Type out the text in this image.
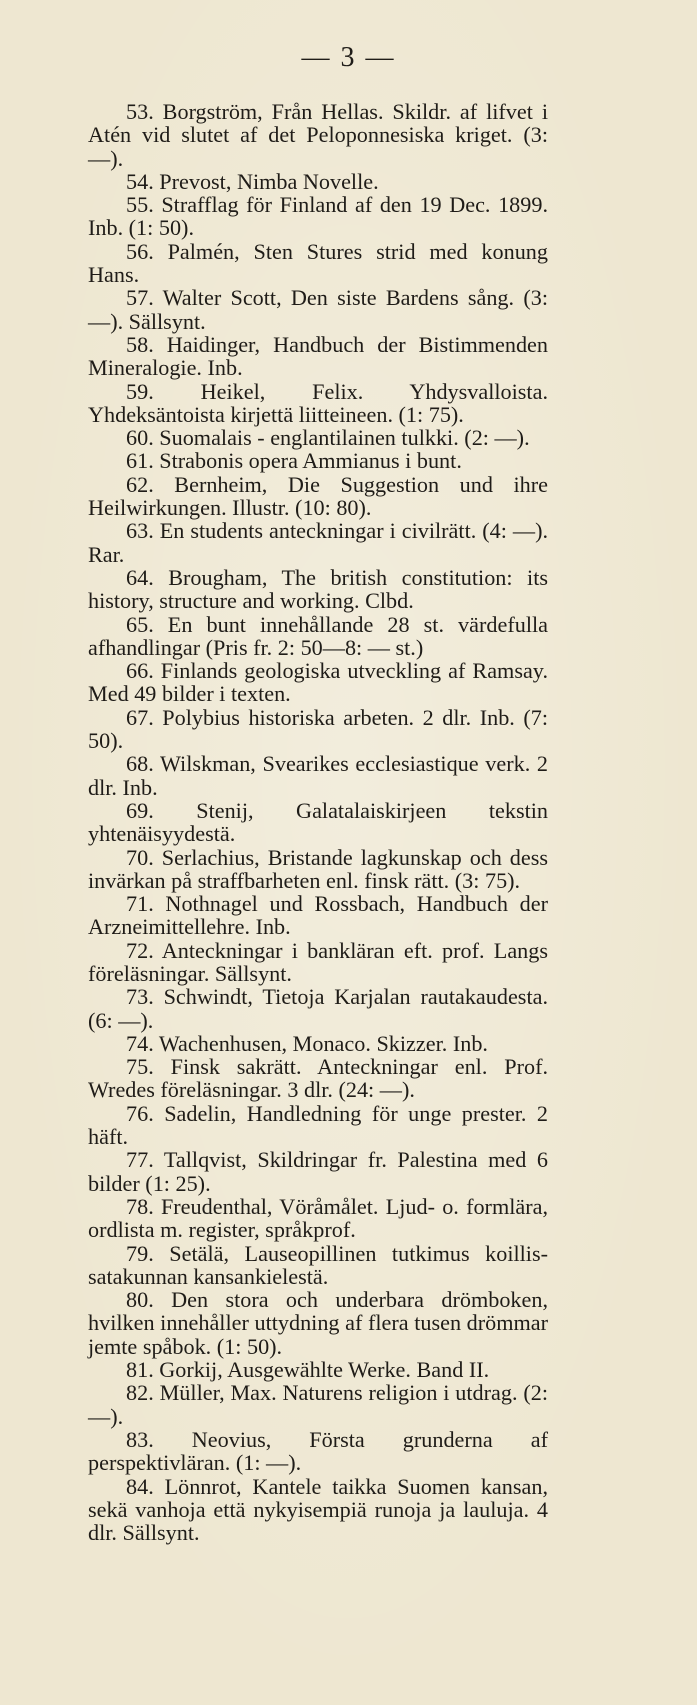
— 3 —

53. Borgström, Från Hellas. Skildr. af lifvet i Atén vid slutet af det Peloponnesiska kriget. (3: —).

54. Prevost, Nimba Novelle.

55. Strafflag för Finland af den 19 Dec. 1899. Inb. (1: 50).

56. Palmén, Sten Stures strid med konung Hans.

57. Walter Scott, Den siste Bardens sång. (3: —). Sällsynt.

58. Haidinger, Handbuch der Bistimmenden Mineralogie. Inb.

59. Heikel, Felix. Yhdysvalloista. Yhdeksäntoista kirjettä liitteineen. (1: 75).

60. Suomalais - englantilainen tulkki. (2: —).

61. Strabonis opera Ammianus i bunt.

62. Bernheim, Die Suggestion und ihre Heilwirkungen. Illustr. (10: 80).

63. En students anteckningar i civilrätt. (4: —). Rar.

64. Brougham, The british constitution: its history, structure and working. Clbd.

65. En bunt innehållande 28 st. värdefulla afhandlingar (Pris fr. 2: 50—8: — st.)

66. Finlands geologiska utveckling af Ramsay. Med 49 bilder i texten.

67. Polybius historiska arbeten. 2 dlr. Inb. (7: 50).

68. Wilskman, Svearikes ecclesiastique verk. 2 dlr. Inb.

69. Stenij, Galatalaiskirjeen tekstin yhtenäisyydestä.

70. Serlachius, Bristande lagkunskap och dess invärkan på straffbarheten enl. finsk rätt. (3: 75).

71. Nothnagel und Rossbach, Handbuch der Arzneimittellehre. Inb.

72. Anteckningar i bankläran eft. prof. Langs föreläsningar. Sällsynt.

73. Schwindt, Tietoja Karjalan rautakaudesta. (6: —).

74. Wachenhusen, Monaco. Skizzer. Inb.

75. Finsk sakrätt. Anteckningar enl. Prof. Wredes föreläsningar. 3 dlr. (24: —).

76. Sadelin, Handledning för unge prester. 2 häft.

77. Tallqvist, Skildringar fr. Palestina med 6 bilder (1: 25).

78. Freudenthal, Vöråmålet. Ljud- o. formlära, ordlista m. register, språkprof.

79. Setälä, Lauseopillinen tutkimus koillis-satakunnan kansankielestä.

80. Den stora och underbara drömboken, hvilken innehåller uttydning af flera tusen drömmar jemte spåbok. (1: 50).

81. Gorkij, Ausgewählte Werke. Band II.

82. Müller, Max. Naturens religion i utdrag. (2: —).

83. Neovius, Första grunderna af perspektivläran. (1: —).

84. Lönnrot, Kantele taikka Suomen kansan, sekä vanhoja että nykyisempiä runoja ja lauluja. 4 dlr. Sällsynt.
